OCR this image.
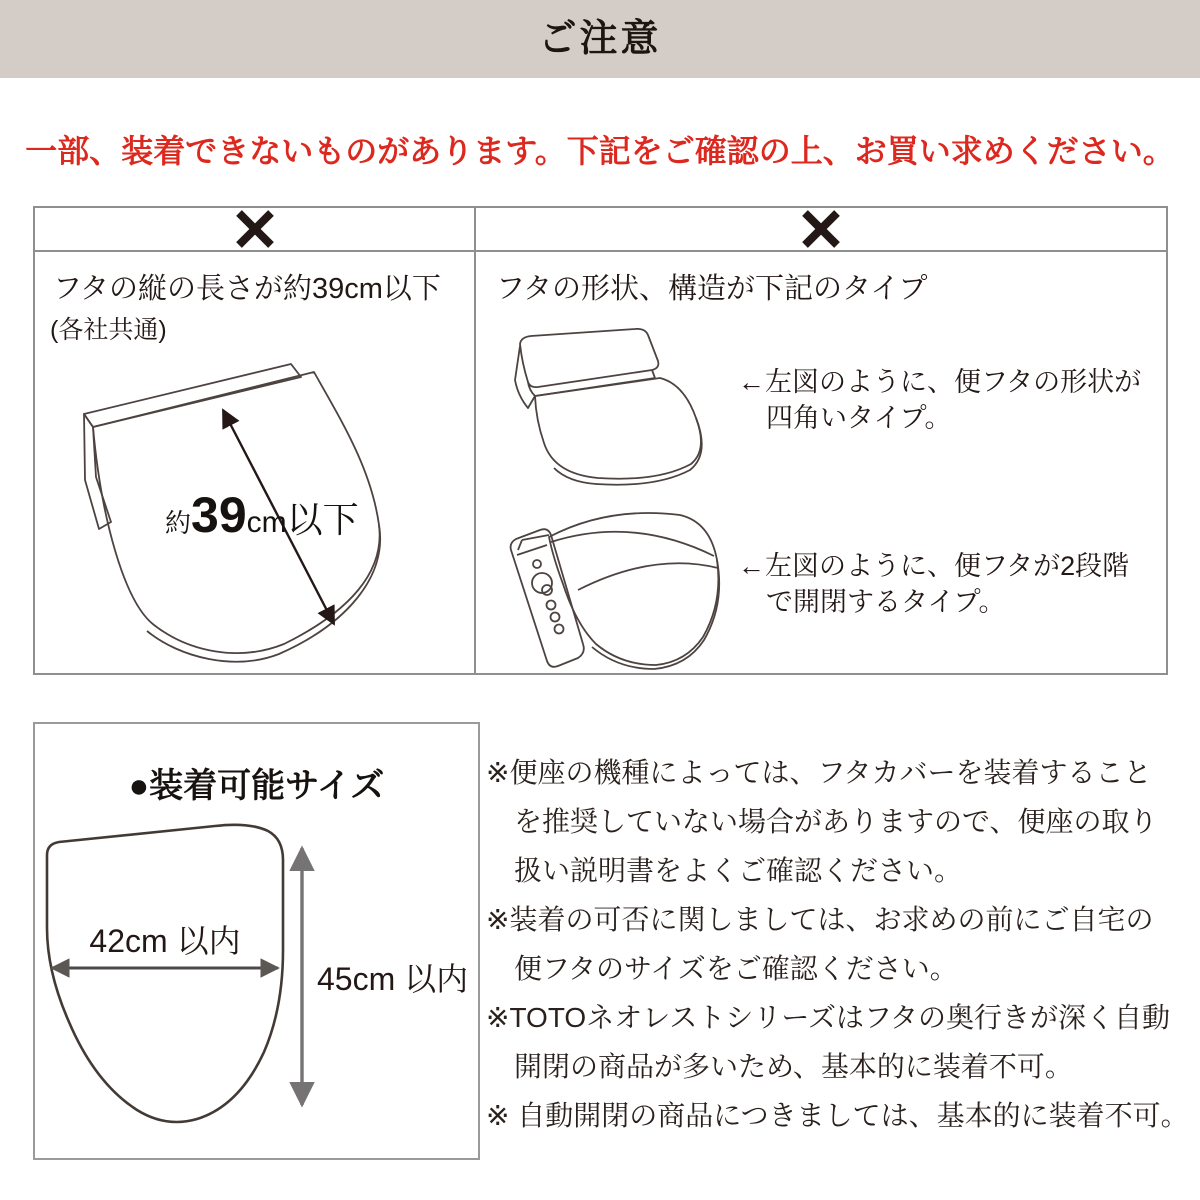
ご注意
一部、装着できないものがあります。下記をご確認の上、お買い求めください。
フタの縦の長さが約39cm以下
(各社共通)
約39cm以下
フタの形状、構造が下記のタイプ
←左図のように、便フタの形状が
四角いタイプ。
←左図のように、便フタが2段階
で開閉するタイプ。
●装着可能サイズ
42cm 以内
45cm 以内
※便座の機種によっては、フタカバーを装着すること
を推奨していない場合がありますので、便座の取り
扱い説明書をよくご確認ください。
※装着の可否に関しましては、お求めの前にご自宅の
便フタのサイズをご確認ください。
※TOTOネオレストシリーズはフタの奥行きが深く自動
開閉の商品が多いため、基本的に装着不可。
※ 自動開閉の商品につきましては、基本的に装着不可。
